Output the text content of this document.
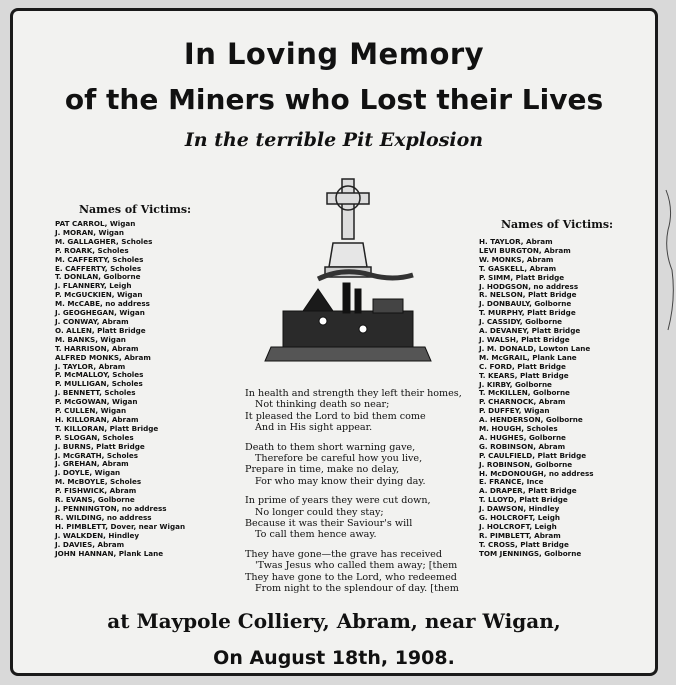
In Loving Memory
of the Miners who Lost their Lives
In the terrible Pit Explosion
Names of Victims:
PAT CARROL, Wigan
J. MORAN, Wigan
M. GALLAGHER, Scholes
P. ROARK, Scholes
M. CAFFERTY, Scholes
E. CAFFERTY, Scholes
T. DONLAN, Golborne
J. FLANNERY, Leigh
P. McGUCKIEN, Wigan
M. McCABE, no address
J. GEOGHEGAN, Wigan
J. CONWAY, Abram
O. ALLEN, Platt Bridge
M. BANKS, Wigan
T. HARRISON, Abram
ALFRED MONKS, Abram
J. TAYLOR, Abram
P. McMALLOY, Scholes
P. MULLIGAN, Scholes
J. BENNETT, Scholes
P. McGOWAN, Wigan
P. CULLEN, Wigan
H. KILLORAN, Abram
T. KILLORAN, Platt Bridge
P. SLOGAN, Scholes
J. BURNS, Platt Bridge
J. McGRATH, Scholes
J. GREHAN, Abram
J. DOYLE, Wigan
M. McBOYLE, Scholes
P. FISHWICK, Abram
R. EVANS, Golborne
J. PENNINGTON, no address
R. WILDING, no address
H. PIMBLETT, Dover, near Wigan
J. WALKDEN, Hindley
J. DAVIES, Abram
JOHN HANNAN, Plank Lane
Names of Victims:
H. TAYLOR, Abram
LEVI BURGTON, Abram
W. MONKS, Abram
T. GASKELL, Abram
P. SIMM, Platt Bridge
J. HODGSON, no address
R. NELSON, Platt Bridge
J. DONBAULY, Golborne
T. MURPHY, Platt Bridge
J. CASSIDY, Golborne
A. DEVANEY, Platt Bridge
J. WALSH, Platt Bridge
J. M. DONALD, Lowton Lane
M. McGRAIL, Plank Lane
C. FORD, Platt Bridge
T. KEARS, Platt Bridge
J. KIRBY, Golborne
T. McKILLEN, Golborne
P. CHARNOCK, Abram
P. DUFFEY, Wigan
A. HENDERSON, Golborne
M. HOUGH, Scholes
A. HUGHES, Golborne
G. ROBINSON, Abram
P. CAULFIELD, Platt Bridge
J. ROBINSON, Golborne
H. McDONOUGH, no address
E. FRANCE, Ince
A. DRAPER, Platt Bridge
T. LLOYD, Platt Bridge
J. DAWSON, Hindley
G. HOLCROFT, Leigh
J. HOLCROFT, Leigh
R. PIMBLETT, Abram
T. CROSS, Platt Bridge
TOM JENNINGS, Golborne
In health and strength they left their homes,
Not thinking death so near;
It pleased the Lord to bid them come
And in His sight appear.
Death to them short warning gave,
Therefore be careful how you live,
Prepare in time, make no delay,
For who may know their dying day.
In prime of years they were cut down,
No longer could they stay;
Because it was their Saviour's will
To call them hence away.
They have gone—the grave has received
'Twas Jesus who called them away; [them
They have gone to the Lord, who redeemed
From night to the splendour of day. [them
at Maypole Colliery, Abram, near Wigan,
On August 18th, 1908.
